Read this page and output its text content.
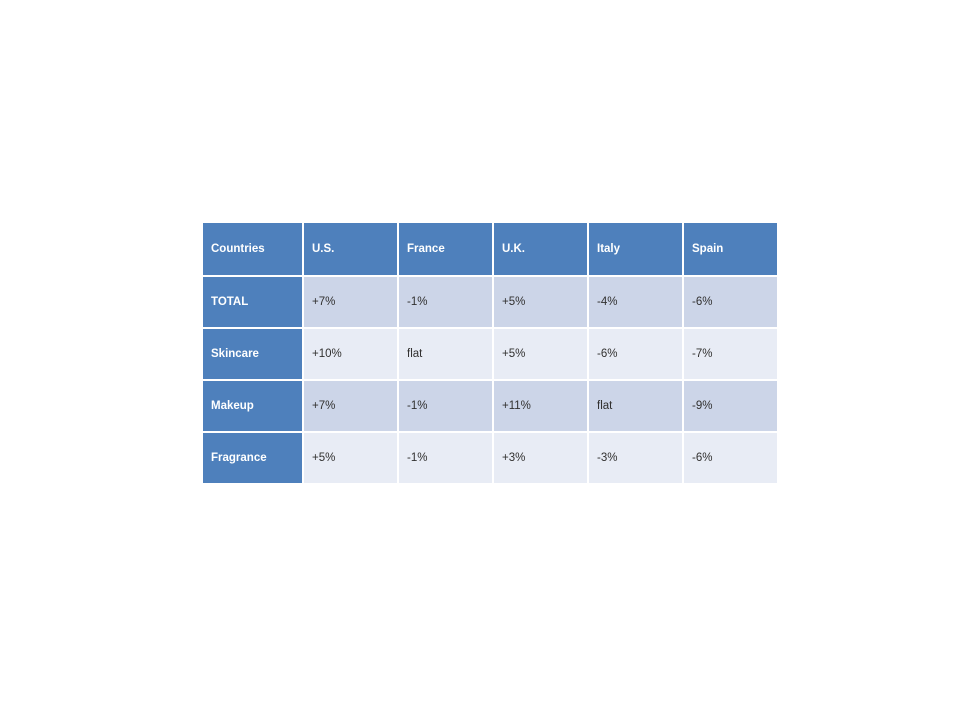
Countries	U.S.	France	U.K.	Italy	Spain
TOTAL	+7%	-1%	+5%	-4%	-6%
Skincare	+10%	flat	+5%	-6%	-7%
Makeup	+7%	-1%	+11%	flat	-9%
Fragrance	+5%	-1%	+3%	-3%	-6%
